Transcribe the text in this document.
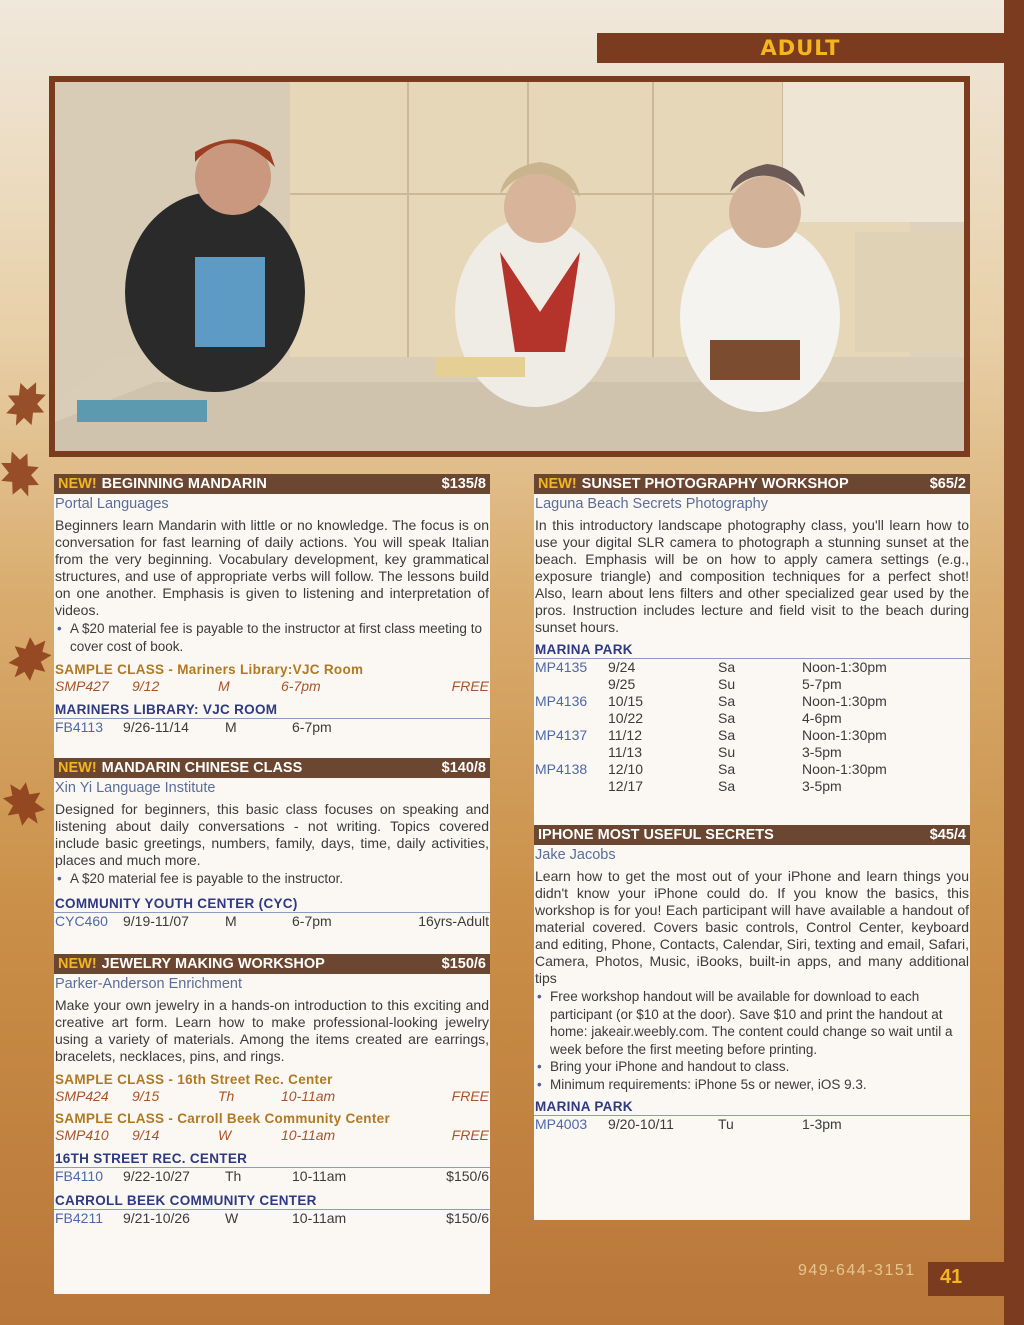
ADULT
NEW! BEGINNING MANDARIN	$135/8
Portal Languages
Beginners learn Mandarin with little or no knowledge. The focus is on conversation for fast learning of daily actions. You will speak Italian from the very beginning. Vocabulary development, key grammatical structures, and use of appropriate verbs will follow. The lessons build on one another. Emphasis is given to listening and interpretation of videos.
• A $20 material fee is payable to the instructor at first class meeting to cover cost of book.
SAMPLE CLASS - Mariners Library:VJC Room
SMP427	9/12	M	6-7pm	FREE
MARINERS LIBRARY: VJC ROOM
FB4113	9/26-11/14	M	6-7pm
NEW! MANDARIN CHINESE CLASS	$140/8
Xin Yi Language Institute
Designed for beginners, this basic class focuses on speaking and listening about daily conversations - not writing. Topics covered include basic greetings, numbers, family, days, time, daily activities, places and much more.
• A $20 material fee is payable to the instructor.
COMMUNITY YOUTH CENTER (CYC)
CYC460	9/19-11/07	M	6-7pm	16yrs-Adult
NEW! JEWELRY MAKING WORKSHOP	$150/6
Parker-Anderson Enrichment
Make your own jewelry in a hands-on introduction to this exciting and creative art form. Learn how to make professional-looking jewelry using a variety of materials. Among the items created are earrings, bracelets, necklaces, pins, and rings.
SAMPLE CLASS - 16th Street Rec. Center
SMP424	9/15	Th	10-11am	FREE
SAMPLE CLASS - Carroll Beek Community Center
SMP410	9/14	W	10-11am	FREE
16TH STREET REC. CENTER
FB4110	9/22-10/27	Th	10-11am	$150/6
CARROLL BEEK COMMUNITY CENTER
FB4211	9/21-10/26	W	10-11am	$150/6
NEW! SUNSET PHOTOGRAPHY WORKSHOP	$65/2
Laguna Beach Secrets Photography
In this introductory landscape photography class, you'll learn how to use your digital SLR camera to photograph a stunning sunset at the beach. Emphasis will be on how to apply camera settings (e.g., exposure triangle) and composition techniques for a perfect shot! Also, learn about lens filters and other specialized gear used by the pros. Instruction includes lecture and field visit to the beach during sunset hours.
MARINA PARK
MP4135	9/24	Sa	Noon-1:30pm
9/25	Su	5-7pm
MP4136	10/15	Sa	Noon-1:30pm
10/22	Sa	4-6pm
MP4137	11/12	Sa	Noon-1:30pm
11/13	Su	3-5pm
MP4138	12/10	Sa	Noon-1:30pm
12/17	Sa	3-5pm
IPHONE MOST USEFUL SECRETS	$45/4
Jake Jacobs
Learn how to get the most out of your iPhone and learn things you didn't know your iPhone could do. If you know the basics, this workshop is for you! Each participant will have available a handout of material covered. Covers basic controls, Control Center, keyboard and editing, Phone, Contacts, Calendar, Siri, texting and email, Safari, Camera, Photos, Music, iBooks, built-in apps, and many additional tips
• Free workshop handout will be available for download to each participant (or $10 at the door). Save $10 and print the handout at home: jakeair.weebly.com. The content could change so wait until a week before the first meeting before printing.
• Bring your iPhone and handout to class.
• Minimum requirements: iPhone 5s or newer, iOS 9.3.
MARINA PARK
MP4003	9/20-10/11	Tu	1-3pm
949-644-3151	41
